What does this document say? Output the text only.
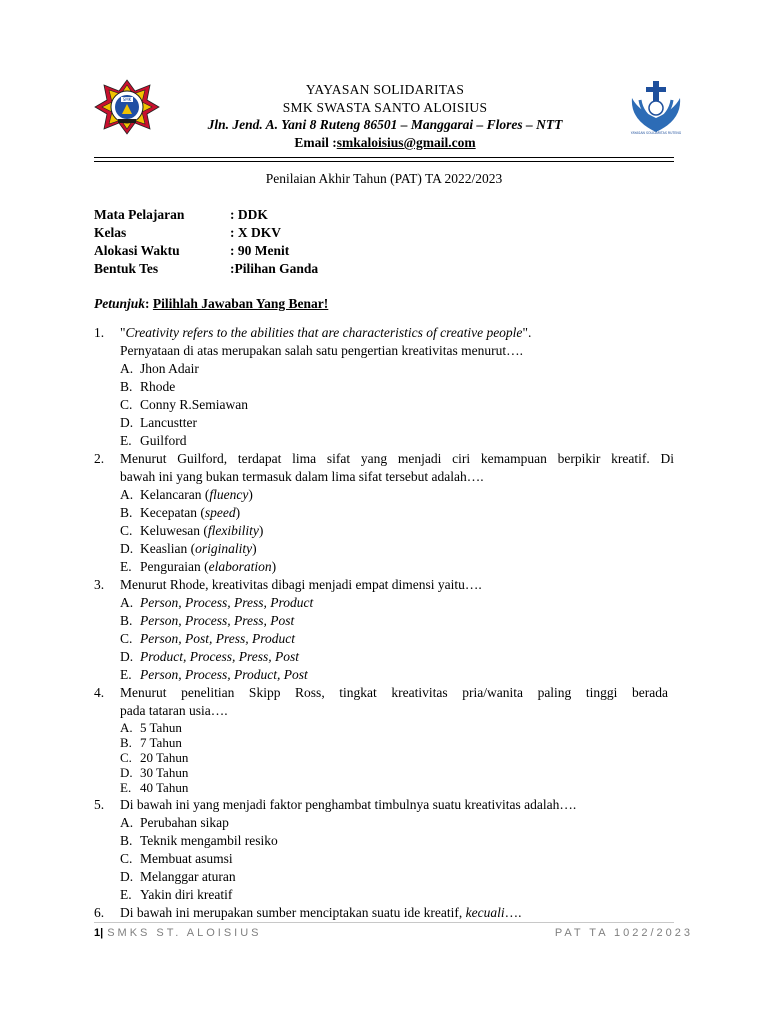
SMK
YAYASAN SOLIDARITAS RUTENG
YAYASAN SOLIDARITAS
SMK SWASTA SANTO ALOISIUS
Jln. Jend. A. Yani 8 Ruteng 86501 – Manggarai – Flores – NTT
Email :smkaloisius@gmail.com
Penilaian Akhir Tahun (PAT) TA 2022/2023
Mata Pelajaran	: DDK
Kelas	: X DKV
Alokasi Waktu	: 90 Menit
Bentuk Tes	:Pilihan Ganda
Petunjuk: Pilihlah Jawaban Yang Benar!
1. "Creativity refers to the abilities that are characteristics of creative people".
Pernyataan di atas merupakan salah satu pengertian kreativitas menurut….
A. Jhon Adair
B. Rhode
C. Conny R.Semiawan
D. Lancustter
E. Guilford
2. Menurut Guilford, terdapat lima sifat yang menjadi ciri kemampuan berpikir kreatif. Di
bawah ini yang bukan termasuk dalam lima sifat tersebut adalah….
A. Kelancaran (fluency)
B. Kecepatan (speed)
C. Keluwesan (flexibility)
D. Keaslian (originality)
E. Penguraian (elaboration)
3. Menurut Rhode, kreativitas dibagi menjadi empat dimensi yaitu….
A. Person, Process, Press, Product
B. Person, Process, Press, Post
C. Person, Post, Press, Product
D. Product, Process, Press, Post
E. Person, Process, Product, Post
4. Menurut penelitian Skipp Ross, tingkat kreativitas pria/wanita paling tinggi berada
pada tataran usia….
A. 5 Tahun
B. 7 Tahun
C. 20 Tahun
D. 30 Tahun
E. 40 Tahun
5. Di bawah ini yang menjadi faktor penghambat timbulnya suatu kreativitas adalah….
A. Perubahan sikap
B. Teknik mengambil resiko
C. Membuat asumsi
D. Melanggar aturan
E. Yakin diri kreatif
6. Di bawah ini merupakan sumber menciptakan suatu ide kreatif, kecuali….
1| SMKS ST. ALOISIUS	PAT TA 1022/2023
